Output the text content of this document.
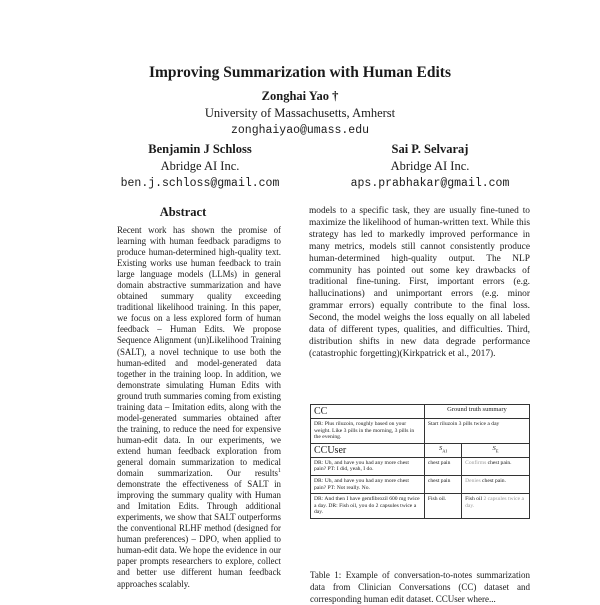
Improving Summarization with Human Edits
Zonghai Yao †
University of Massachusetts, Amherst
zonghaiyao@umass.edu
Benjamin J Schloss
Abridge AI Inc.
ben.j.schloss@gmail.com
Sai P. Selvaraj
Abridge AI Inc.
aps.prabhakar@gmail.com
Abstract
Recent work has shown the promise of learning with human feedback paradigms to produce human-determined high-quality text. Existing works use human feedback to train large language models (LLMs) in general domain abstractive summarization and have obtained summary quality exceeding traditional likelihood training. In this paper, we focus on a less explored form of human feedback – Human Edits. We propose Sequence Alignment (un)Likelihood Training (SALT), a novel technique to use both the human-edited and model-generated data together in the training loop. In addition, we demonstrate simulating Human Edits with ground truth summaries coming from existing training data – Imitation edits, along with the model-generated summaries obtained after the training, to reduce the need for expensive human-edit data. In our experiments, we extend human feedback exploration from general domain summarization to medical domain summarization. Our results$^1$ demonstrate the effectiveness of SALT in improving the summary quality with Human and Imitation Edits. Through additional experiments, we show that SALT outperforms the conventional RLHF method (designed for human preferences) – DPO, when applied to human-edit data. We hope the evidence in our paper prompts researchers to explore, collect and better use different human feedback approaches scalably.
models to a specific task, they are usually fine-tuned to maximize the likelihood of human-written text. While this strategy has led to markedly improved performance in many metrics, models still cannot consistently produce human-determined high-quality output. The NLP community has pointed out some key drawbacks of traditional fine-tuning. First, important errors (e.g. hallucinations) and unimportant errors (e.g. minor grammar errors) equally contribute to the final loss. Second, the model weighs the loss equally on all labeled data of different types, qualities, and difficulties. Third, distribution shifts in new data degrade performance (catastrophic forgetting)(Kirkpatrick et al., 2017).
CC	Ground truth summary	
DR: Plus riluzoin, roughly based on your weight. Like 3 pills in the morning, 3 pills in the evening.	Start riluzoin 3 pills twice a day	
CCUser	$S_{AI}$	$S_E$
DR: Uh, and have you had any more chest pain? PT: I did, yeah, I do.	chest pain	Confirms chest pain.
DR: Uh, and have you had any more chest pain? PT: Not really. No.	chest pain	Denies chest pain.
DR: And then I have gemfibrozil 600 mg twice a day. DR: Fish oil, you do 2 capsules twice a day.	Fish oil.	Fish oil 2 capsules twice a day.
Table 1: Example of conversation-to-notes summarization data from Clinician Conversations (CC) dataset and corresponding human edit dataset. CCUser where...
